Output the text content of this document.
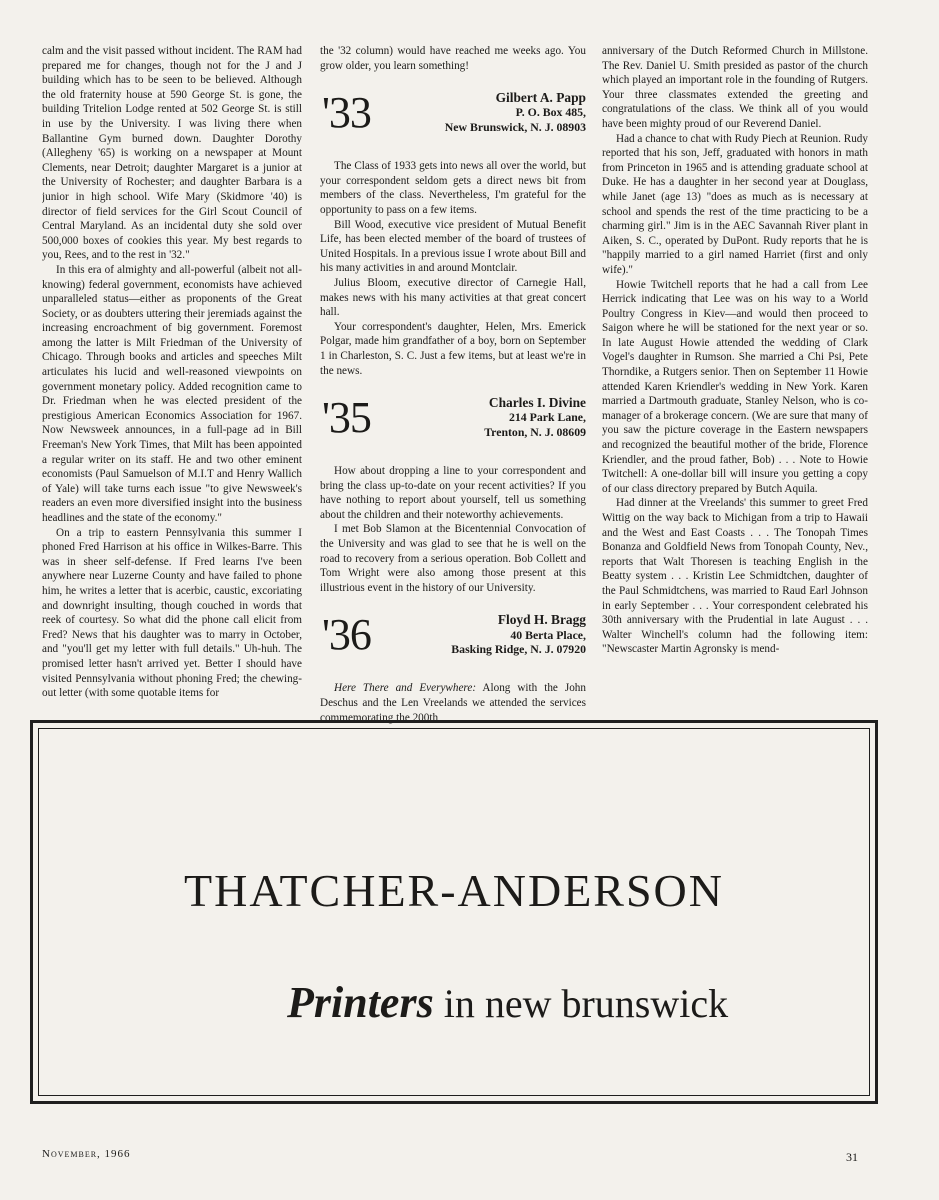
calm and the visit passed without incident. The RAM had prepared me for changes, though not for the J and J building which has to be seen to be believed. Although the old fraternity house at 590 George St. is gone, the building Tritelion Lodge rented at 502 George St. is still in use by the University. I was living there when Ballantine Gym burned down. Daughter Dorothy (Allegheny '65) is working on a newspaper at Mount Clements, near Detroit; daughter Margaret is a junior at the University of Rochester; and daughter Barbara is a junior in high school. Wife Mary (Skidmore '40) is director of field services for the Girl Scout Council of Central Maryland. As an incidental duty she sold over 500,000 boxes of cookies this year. My best regards to you, Rees, and to the rest in '32."

In this era of almighty and all-powerful (albeit not all-knowing) federal government, economists have achieved unparalleled status—either as proponents of the Great Society, or as doubters uttering their jeremiads against the increasing encroachment of big government. Foremost among the latter is Milt Friedman of the University of Chicago. Through books and articles and speeches Milt articulates his lucid and well-reasoned viewpoints on government monetary policy. Added recognition came to Dr. Friedman when he was elected president of the prestigious American Economics Association for 1967. Now Newsweek announces, in a full-page ad in Bill Freeman's New York Times, that Milt has been appointed a regular writer on its staff. He and two other eminent economists (Paul Samuelson of M.I.T and Henry Wallich of Yale) will take turns each issue "to give Newsweek's readers an even more diversified insight into the business headlines and the state of the economy."

On a trip to eastern Pennsylvania this summer I phoned Fred Harrison at his office in Wilkes-Barre. This was in sheer self-defense. If Fred learns I've been anywhere near Luzerne County and have failed to phone him, he writes a letter that is acerbic, caustic, excoriating and downright insulting, though couched in words that reek of courtesy. So what did the phone call elicit from Fred? News that his daughter was to marry in October, and "you'll get my letter with full details." Uh-huh. The promised letter hasn't arrived yet. Better I should have visited Pennsylvania without phoning Fred; the chewing-out letter (with some quotable items for

the '32 column) would have reached me weeks ago. You grow older, you learn something!

'33	Gilbert A. Papp
P. O. Box 485,
New Brunswick, N. J. 08903

The Class of 1933 gets into news all over the world, but your correspondent seldom gets a direct news bit from members of the class. Nevertheless, I'm grateful for the opportunity to pass on a few items.

Bill Wood, executive vice president of Mutual Benefit Life, has been elected member of the board of trustees of United Hospitals. In a previous issue I wrote about Bill and his many activities in and around Montclair.

Julius Bloom, executive director of Carnegie Hall, makes news with his many activities at that great concert hall.

Your correspondent's daughter, Helen, Mrs. Emerick Polgar, made him grandfather of a boy, born on September 1 in Charleston, S. C. Just a few items, but at least we're in the news.

'35	Charles I. Divine
214 Park Lane,
Trenton, N. J. 08609

How about dropping a line to your correspondent and bring the class up-to-date on your recent activities? If you have nothing to report about yourself, tell us something about the children and their noteworthy achievements.

I met Bob Slamon at the Bicentennial Convocation of the University and was glad to see that he is well on the road to recovery from a serious operation. Bob Collett and Tom Wright were also among those present at this illustrious event in the history of our University.

'36	Floyd H. Bragg
40 Berta Place,
Basking Ridge, N. J. 07920

Here There and Everywhere: Along with the John Deschus and the Len Vreelands we attended the services commemorating the 200th

anniversary of the Dutch Reformed Church in Millstone. The Rev. Daniel U. Smith presided as pastor of the church which played an important role in the founding of Rutgers. Your three classmates extended the greeting and congratulations of the class. We think all of you would have been mighty proud of our Reverend Daniel.

Had a chance to chat with Rudy Piech at Reunion. Rudy reported that his son, Jeff, graduated with honors in math from Princeton in 1965 and is attending graduate school at Duke. He has a daughter in her second year at Douglass, while Janet (age 13) "does as much as is necessary at school and spends the rest of the time practicing to be a charming girl." Jim is in the AEC Savannah River plant in Aiken, S. C., operated by DuPont. Rudy reports that he is "happily married to a girl named Harriet (first and only wife)."

Howie Twitchell reports that he had a call from Lee Herrick indicating that Lee was on his way to a World Poultry Congress in Kiev—and would then proceed to Saigon where he will be stationed for the next year or so. In late August Howie attended the wedding of Clark Vogel's daughter in Rumson. She married a Chi Psi, Pete Thorndike, a Rutgers senior. Then on September 11 Howie attended Karen Kriendler's wedding in New York. Karen married a Dartmouth graduate, Stanley Nelson, who is co-manager of a brokerage concern. (We are sure that many of you saw the picture coverage in the Eastern newspapers and recognized the beautiful mother of the bride, Florence Kriendler, and the proud father, Bob) . . . Note to Howie Twitchell: A one-dollar bill will insure you getting a copy of our class directory prepared by Butch Aquila.

Had dinner at the Vreelands' this summer to greet Fred Wittig on the way back to Michigan from a trip to Hawaii and the West and East Coasts . . . The Tonopah Times Bonanza and Goldfield News from Tonopah County, Nev., reports that Walt Thoresen is teaching English in the Beatty system . . . Kristin Lee Schmidtchen, daughter of the Paul Schmidtchens, was married to Raud Earl Johnson in early September . . . Your correspondent celebrated his 30th anniversary with the Prudential in late August . . . Walter Winchell's column had the following item: "Newscaster Martin Agronsky is mend-

THATCHER-ANDERSON
Printers in new brunswick
November, 1966	31
